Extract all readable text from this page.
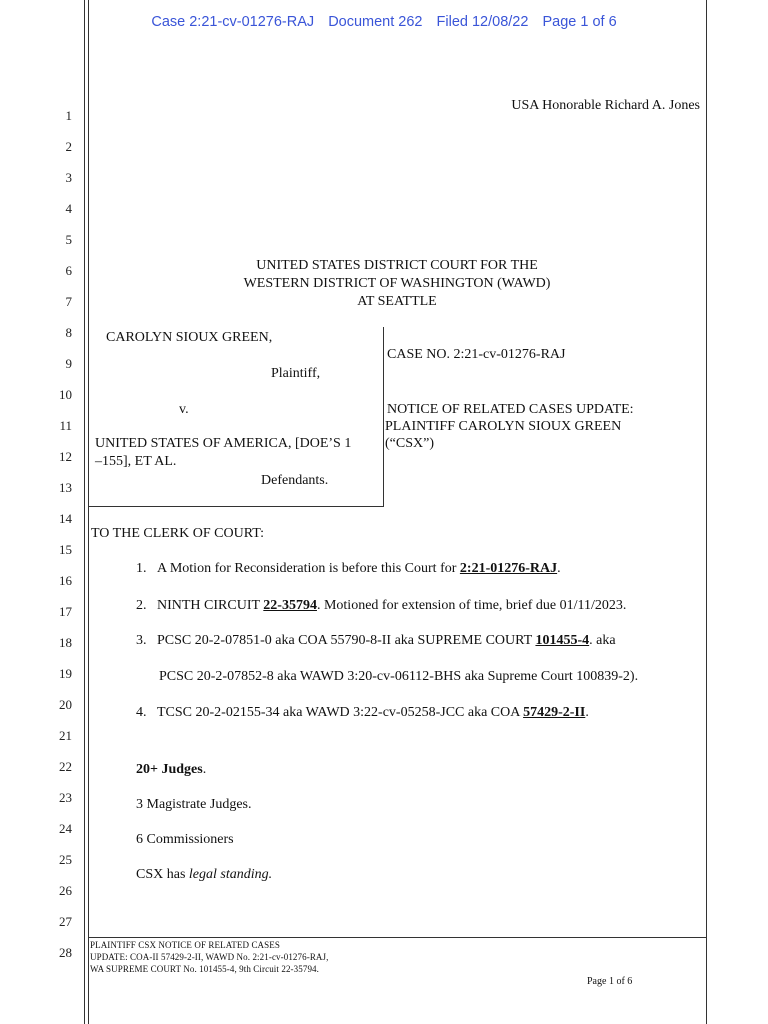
Case 2:21-cv-01276-RAJ Document 262 Filed 12/08/22 Page 1 of 6
USA Honorable Richard A. Jones
1
2
3
4
5
6
7
8
9
10
11
12
13
14
15
16
17
18
19
20
21
22
23
24
25
26
27
28
UNITED STATES DISTRICT COURT FOR THE
WESTERN DISTRICT OF WASHINGTON (WAWD)
AT SEATTLE
CAROLYN SIOUX GREEN,
Plaintiff,
v.
UNITED STATES OF AMERICA, [DOE’S 1
–155], ET AL.
Defendants.
CASE NO. 2:21-cv-01276-RAJ
NOTICE OF RELATED CASES UPDATE:
PLAINTIFF CAROLYN SIOUX GREEN
(“CSX”)
TO THE CLERK OF COURT:
1. A Motion for Reconsideration is before this Court for 2:21-01276-RAJ.
2. NINTH CIRCUIT 22-35794. Motioned for extension of time, brief due 01/11/2023.
3. PCSC 20-2-07851-0 aka COA 55790-8-II aka SUPREME COURT 101455-4. aka
PCSC 20-2-07852-8 aka WAWD 3:20-cv-06112-BHS aka Supreme Court 100839-2).
4. TCSC 20-2-02155-34 aka WAWD 3:22-cv-05258-JCC aka COA 57429-2-II.
20+ Judges.
3 Magistrate Judges.
6 Commissioners
CSX has legal standing.
PLAINTIFF CSX NOTICE OF RELATED CASES
UPDATE: COA-II 57429-2-II, WAWD No. 2:21-cv-01276-RAJ,
WA SUPREME COURT No. 101455-4, 9th Circuit 22-35794.
Page 1 of 6
